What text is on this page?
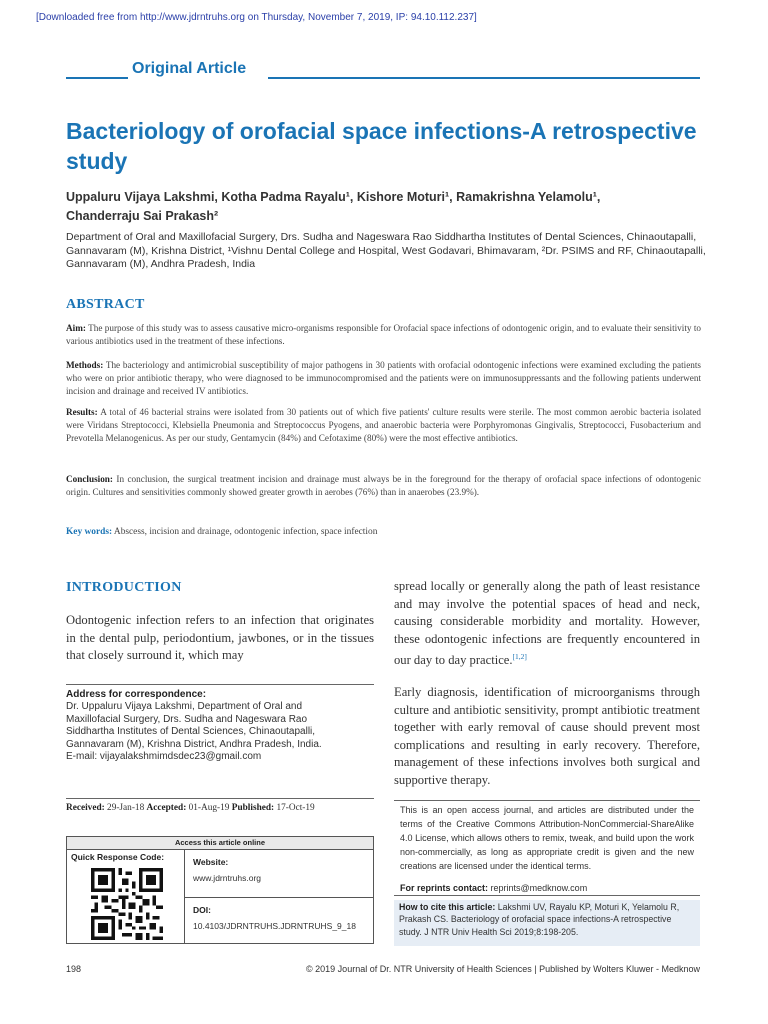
[Downloaded free from http://www.jdrntruhs.org on Thursday, November 7, 2019, IP: 94.10.112.237]
Original Article
Bacteriology of orofacial space infections-A retrospective study
Uppaluru Vijaya Lakshmi, Kotha Padma Rayalu¹, Kishore Moturi¹, Ramakrishna Yelamolu¹,
Chanderraju Sai Prakash²
Department of Oral and Maxillofacial Surgery, Drs. Sudha and Nageswara Rao Siddhartha Institutes of Dental Sciences, Chinaoutapalli, Gannavaram (M), Krishna District, ¹Vishnu Dental College and Hospital, West Godavari, Bhimavaram, ²Dr. PSIMS and RF, Chinaoutapalli, Gannavaram (M), Andhra Pradesh, India
ABSTRACT

Aim: The purpose of this study was to assess causative micro-organisms responsible for Orofacial space infections of odontogenic origin, and to evaluate their sensitivity to various antibiotics used in the treatment of these infections.

Methods: The bacteriology and antimicrobial susceptibility of major pathogens in 30 patients with orofacial odontogenic infections were examined excluding the patients who were on prior antibiotic therapy, who were diagnosed to be immunocompromised and the patients were on immunosuppressants and the following patients underwent incision and drainage and received IV antibiotics.

Results: A total of 46 bacterial strains were isolated from 30 patients out of which five patients' culture results were sterile. The most common aerobic bacteria isolated were Viridans Streptococci, Klebsiella Pneumonia and Streptococcus Pyogens, and anaerobic bacteria were Porphyromonas Gingivalis, Streptococci, Fusobacterium and Prevotella Melanogenicus. As per our study, Gentamycin (84%) and Cefotaxime (80%) were the most effective antibiotics.

Conclusion: In conclusion, the surgical treatment incision and drainage must always be in the foreground for the therapy of orofacial space infections of odontogenic origin. Cultures and sensitivities commonly showed greater growth in aerobes (76%) than in anaerobes (23.9%).

Key words: Abscess, incision and drainage, odontogenic infection, space infection

INTRODUCTION

Odontogenic infection refers to an infection that originates in the dental pulp, periodontium, jawbones, or in the tissues that closely surround it, which may

spread locally or generally along the path of least resistance and may involve the potential spaces of head and neck, causing considerable morbidity and mortality. However, these odontogenic infections are frequently encountered in our day to day practice.[1,2]

Early diagnosis, identification of microorganisms through culture and antibiotic sensitivity, prompt antibiotic treatment together with early removal of cause should prevent most complications and resulting in early recovery. Therefore, management of these infections involves both surgical and supportive therapy.

Address for correspondence:
Dr. Uppaluru Vijaya Lakshmi, Department of Oral and
Maxillofacial Surgery, Drs. Sudha and Nageswara Rao
Siddhartha Institutes of Dental Sciences, Chinaoutapalli,
Gannavaram (M), Krishna District, Andhra Pradesh, India.
E-mail: vijayalakshmimdsdec23@gmail.com
Received: 29-Jan-18 Accepted: 01-Aug-19 Published: 17-Oct-19
Access this article online
Quick Response Code:	Website:
www.jdrntruhs.org
DOI:
10.4103/JDRNTRUHS.JDRNTRUHS_9_18
This is an open access journal, and articles are distributed under the terms of the Creative Commons Attribution-NonCommercial-ShareAlike 4.0 License, which allows others to remix, tweak, and build upon the work non-commercially, as long as appropriate credit is given and the new creations are licensed under the identical terms.
For reprints contact: reprints@medknow.com
How to cite this article: Lakshmi UV, Rayalu KP, Moturi K, Yelamolu R, Prakash CS. Bacteriology of orofacial space infections-A retrospective study. J NTR Univ Health Sci 2019;8:198-205.
198	© 2019 Journal of Dr. NTR University of Health Sciences | Published by Wolters Kluwer - Medknow
